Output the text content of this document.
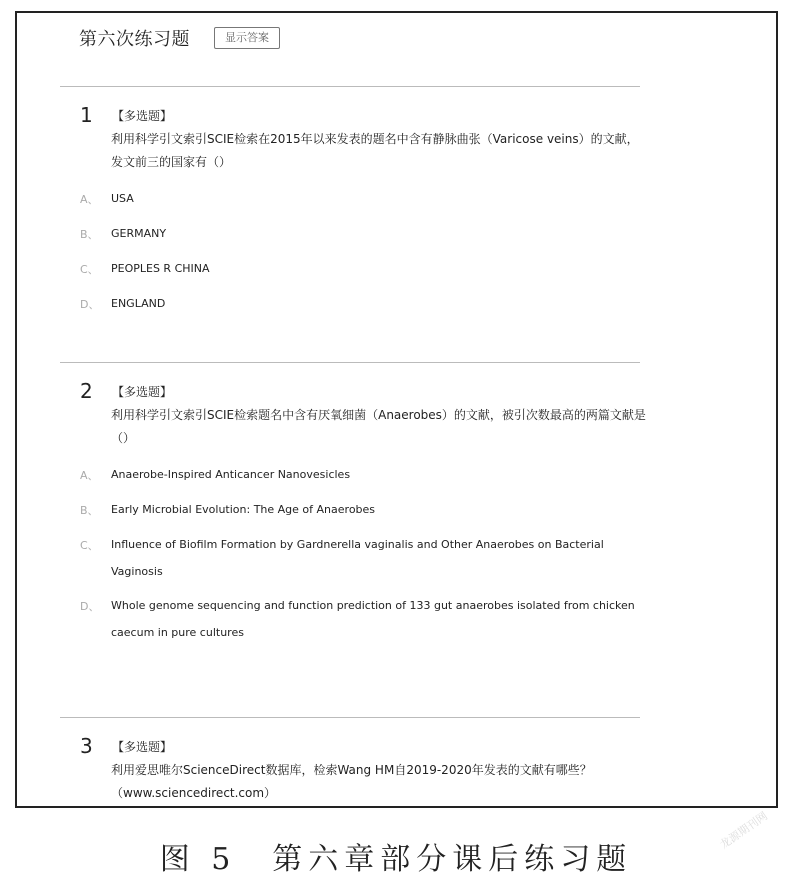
第六次练习题	显示答案
1 【多选题】
利用科学引文索引SCIE检索在2015年以来发表的题名中含有静脉曲张（Varicose veins）的文献，发文前三的国家有（）
A、 USA
B、 GERMANY
C、 PEOPLES R CHINA
D、 ENGLAND
2 【多选题】
利用科学引文索引SCIE检索题名中含有厌氧细菌（Anaerobes）的文献，被引次数最高的两篇文献是（）
A、 Anaerobe-Inspired Anticancer Nanovesicles
B、 Early Microbial Evolution: The Age of Anaerobes
C、 Influence of Biofilm Formation by Gardnerella vaginalis and Other Anaerobes on Bacterial Vaginosis
D、 Whole genome sequencing and function prediction of 133 gut anaerobes isolated from chicken caecum in pure cultures
3 【多选题】
利用爱思唯尔ScienceDirect数据库，检索Wang HM自2019-2020年发表的文献有哪些？（www.sciencedirect.com）
图 5　第六章部分课后练习题
龙源期刊网
